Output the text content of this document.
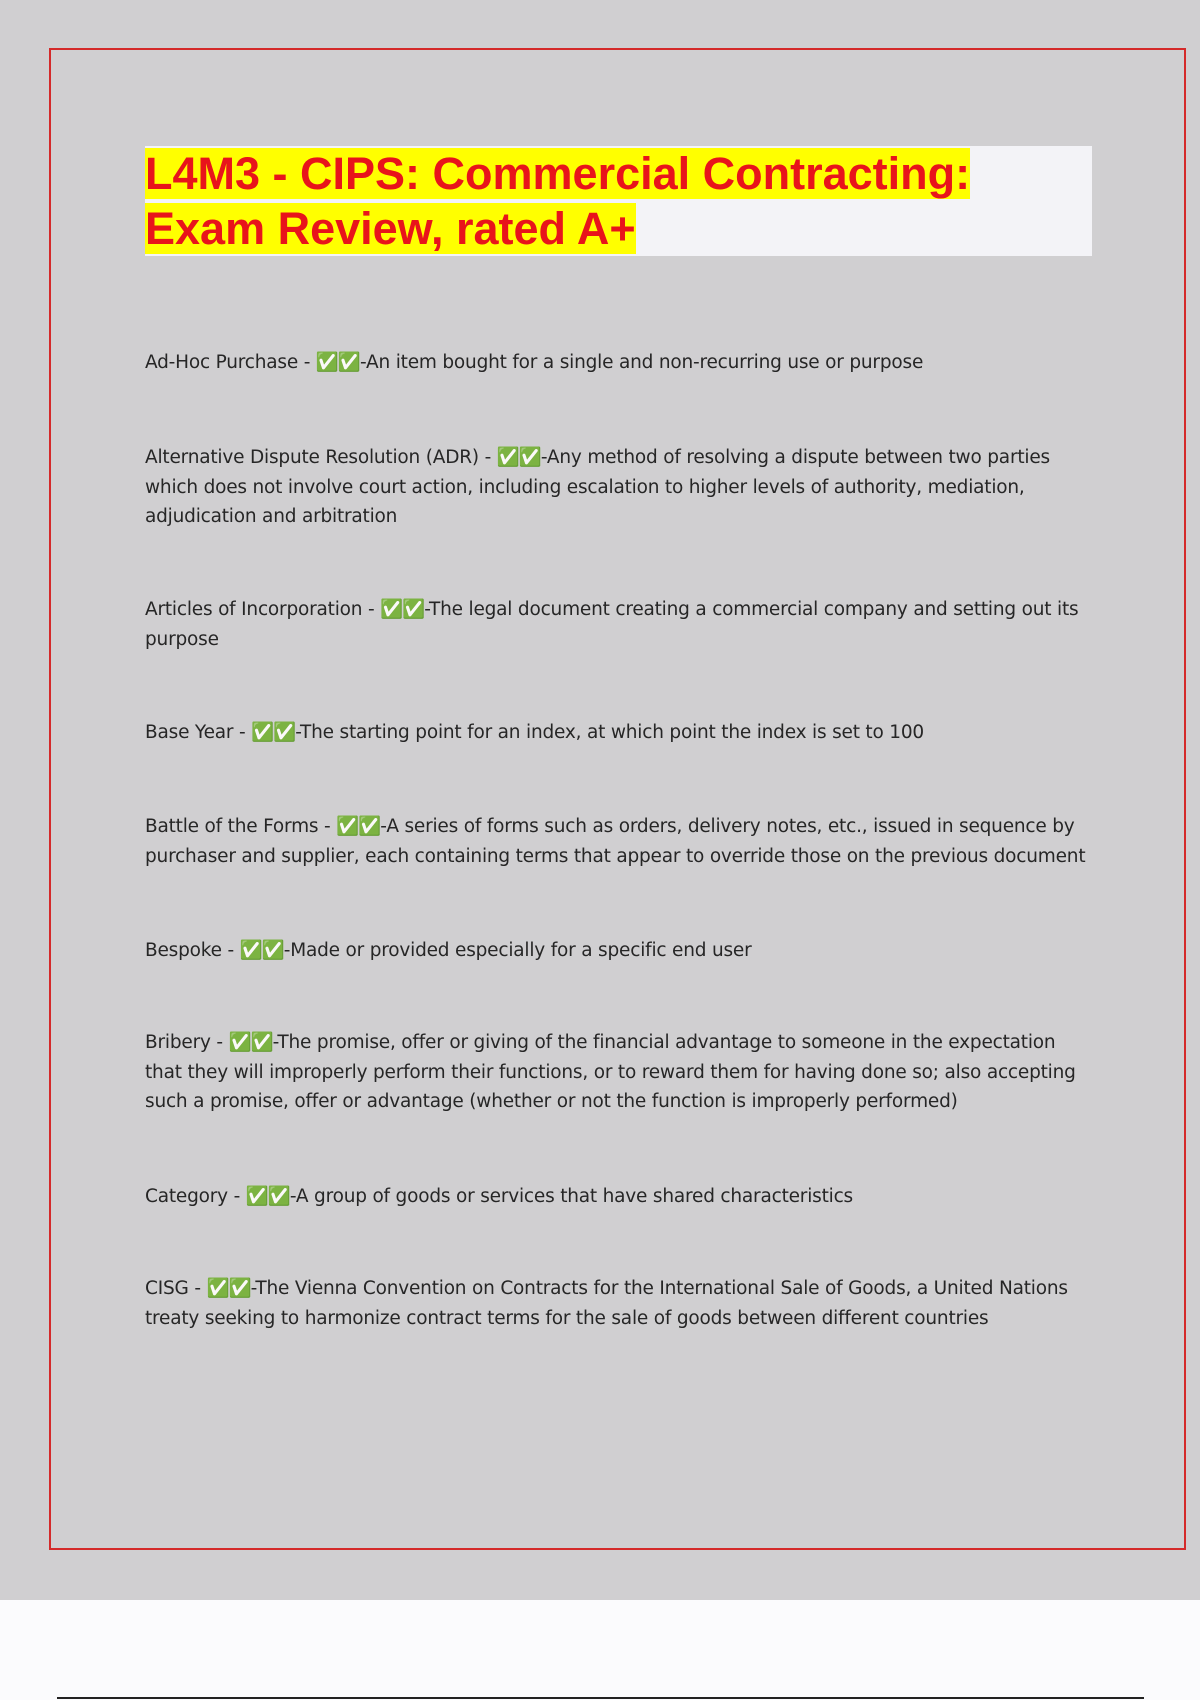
L4M3 - CIPS: Commercial Contracting:
Exam Review, rated A+

Ad-Hoc Purchase - ✅✅-An item bought for a single and non-recurring use or purpose

Alternative Dispute Resolution (ADR) - ✅✅-Any method of resolving a dispute between two parties which does not involve court action, including escalation to higher levels of authority, mediation, adjudication and arbitration

Articles of Incorporation - ✅✅-The legal document creating a commercial company and setting out its purpose

Base Year - ✅✅-The starting point for an index, at which point the index is set to 100

Battle of the Forms - ✅✅-A series of forms such as orders, delivery notes, etc., issued in sequence by purchaser and supplier, each containing terms that appear to override those on the previous document

Bespoke - ✅✅-Made or provided especially for a specific end user

Bribery - ✅✅-The promise, offer or giving of the financial advantage to someone in the expectation that they will improperly perform their functions, or to reward them for having done so; also accepting such a promise, offer or advantage (whether or not the function is improperly performed)

Category - ✅✅-A group of goods or services that have shared characteristics

CISG - ✅✅-The Vienna Convention on Contracts for the International Sale of Goods, a United Nations treaty seeking to harmonize contract terms for the sale of goods between different countries
